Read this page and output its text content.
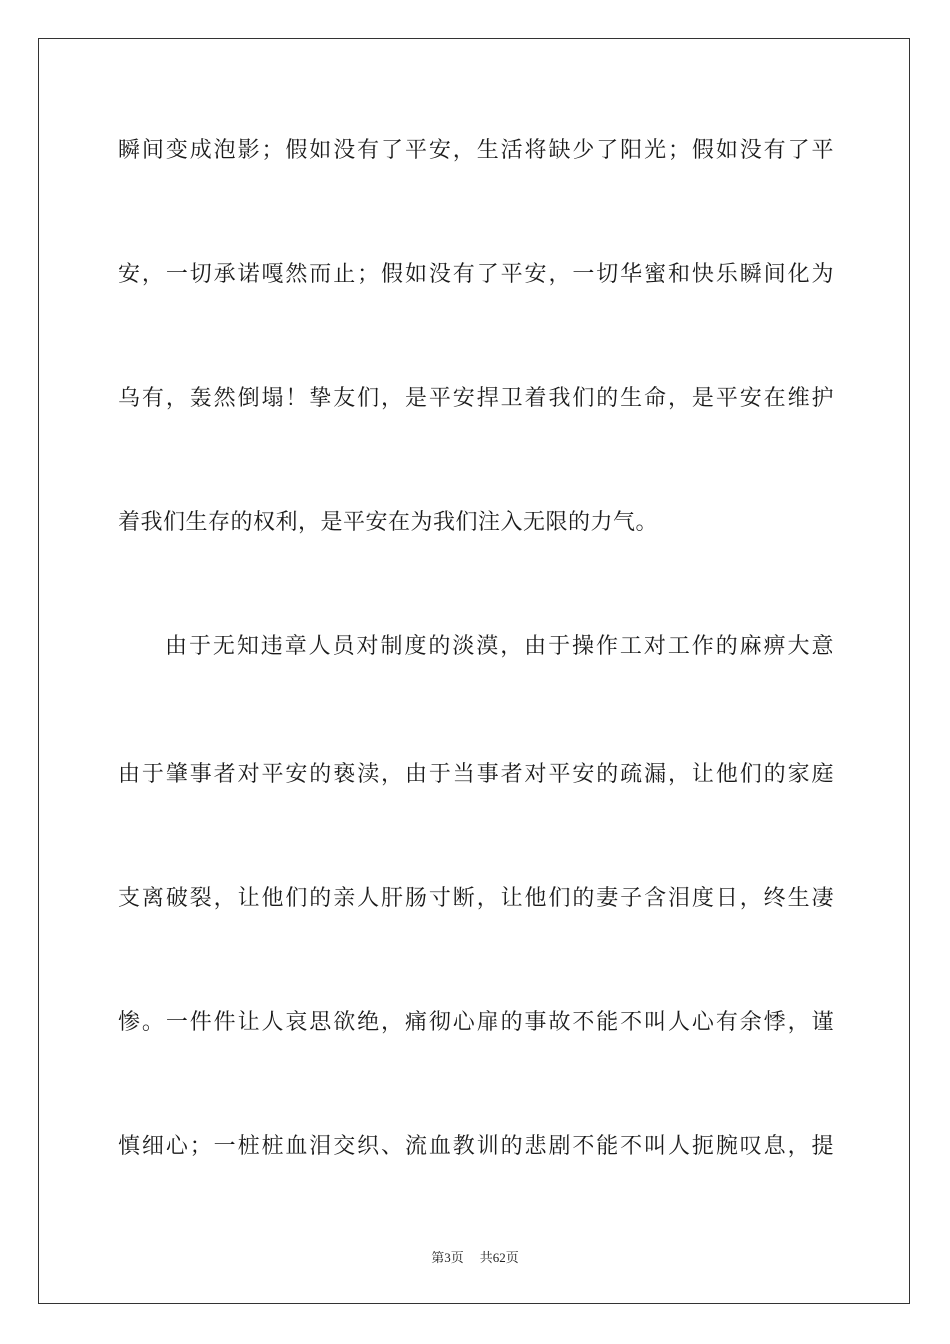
瞬间变成泡影；假如没有了平安，生活将缺少了阳光；假如没有了平
安，一切承诺嘎然而止；假如没有了平安，一切华蜜和快乐瞬间化为
乌有，轰然倒塌！挚友们，是平安捍卫着我们的生命，是平安在维护
着我们生存的权利，是平安在为我们注入无限的力气。
由于无知违章人员对制度的淡漠，由于操作工对工作的麻痹大意
由于肇事者对平安的亵渎，由于当事者对平安的疏漏，让他们的家庭
支离破裂，让他们的亲人肝肠寸断，让他们的妻子含泪度日，终生凄
惨。一件件让人哀思欲绝，痛彻心扉的事故不能不叫人心有余悸，谨
慎细心；一桩桩血泪交织、流血教训的悲剧不能不叫人扼腕叹息，提
第3页 共62页
